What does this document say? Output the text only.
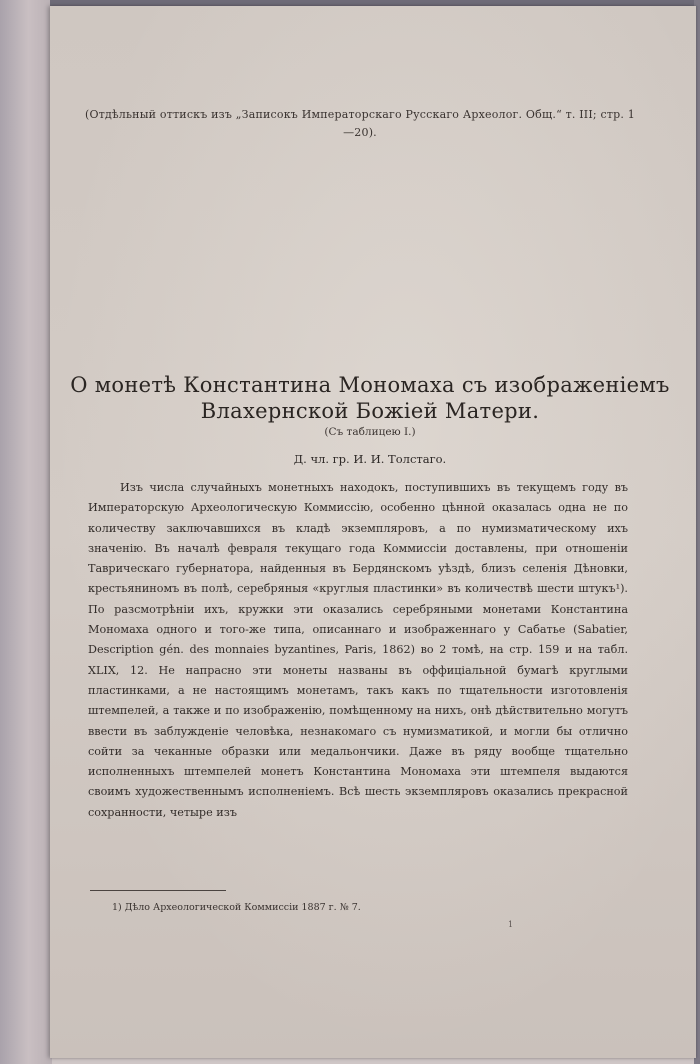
(Отдѣльный оттискъ изъ „Записокъ Императорскаго Русскаго Археолог. Общ.“ т. III; стр. 1—20).
О монетѣ Константина Мономаха съ изображеніемъ Влахернской Божіей Матери.
(Съ таблицею I.)
Д. чл. гр. И. И. Толстаго.

Изъ числа случайныхъ монетныхъ находокъ, поступившихъ въ текущемъ году въ Императорскую Археологическую Коммиссію, особенно цѣнной оказалась одна не по количеству заключавшихся въ кладѣ экземпляровъ, а по нумизматическому ихъ значенію. Въ началѣ февраля текущаго года Коммиссіи доставлены, при отношеніи Таврическаго губернатора, найденныя въ Бердянскомъ уѣздѣ, близъ селенія Дѣновки, крестьяниномъ въ полѣ, серебряныя «круглыя пластинки» въ количествѣ шести штукъ¹). По разсмотрѣніи ихъ, кружки эти оказались серебряными монетами Константина Мономаха одного и того-же типа, описаннаго и изображеннаго у Сабатье (Sabatier, Description gén. des monnaies byzantines, Paris, 1862) во 2 томѣ, на стр. 159 и на табл. XLIX, 12. Не напрасно эти монеты названы въ оффиціальной бумагѣ круглыми пластинками, а не настоящимъ монетамъ, такъ какъ по тщательности изготовленія штемпелей, а также и по изображенію, помѣщенному на нихъ, онѣ дѣйствительно могутъ ввести въ заблужденіе человѣка, незнакомаго съ нумизматикой, и могли бы отлично сойти за чеканные образки или медальончики. Даже въ ряду вообще тщательно исполненныхъ штемпелей монетъ Константина Мономаха эти штемпеля выдаются своимъ художественнымъ исполненіемъ. Всѣ шесть экземпляровъ оказались прекрасной сохранности, четыре изъ

1) Дѣло Археологической Коммиссіи 1887 г. № 7.
1
